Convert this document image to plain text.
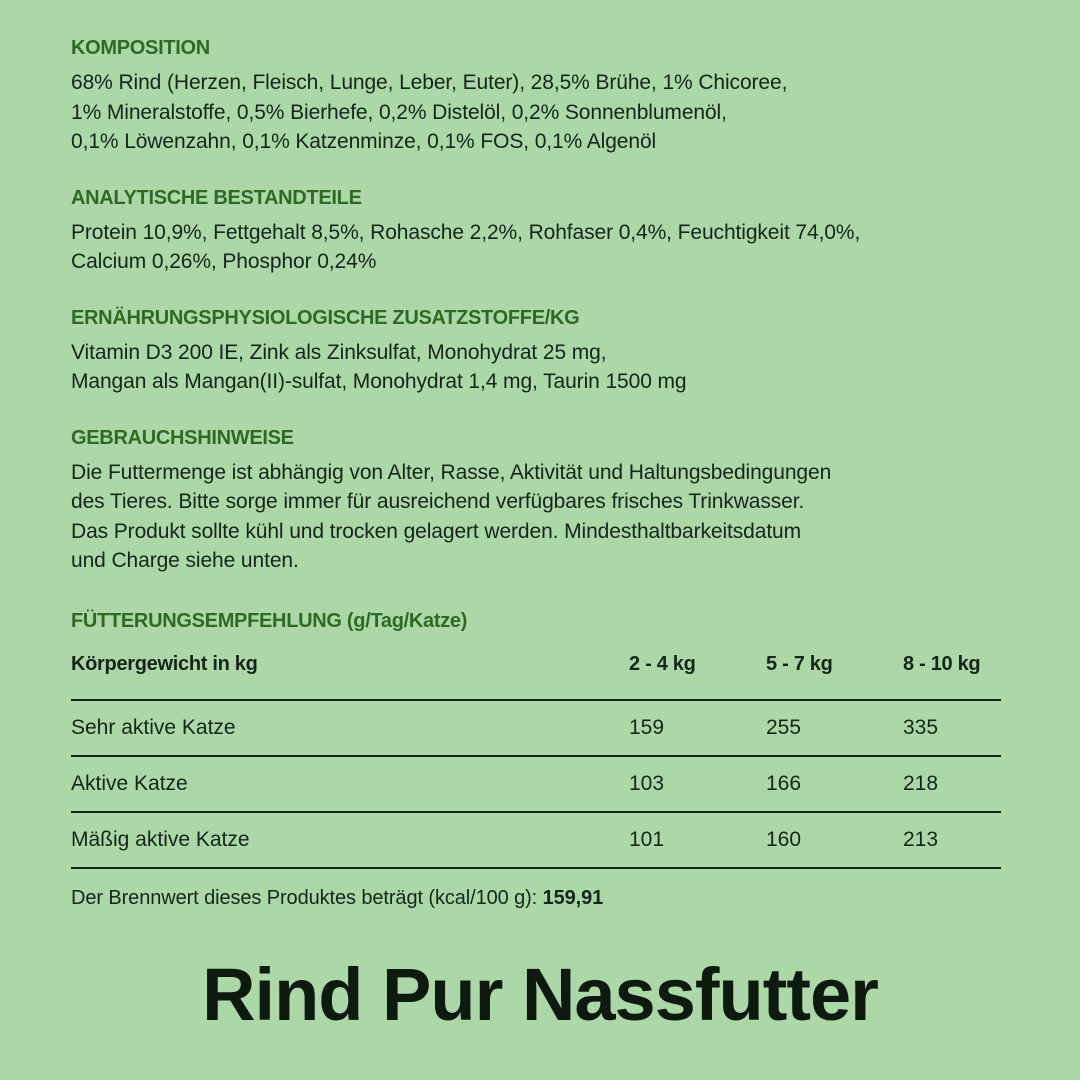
KOMPOSITION

68% Rind (Herzen, Fleisch, Lunge, Leber, Euter), 28,5% Brühe, 1% Chicoree,
1% Mineralstoffe, 0,5% Bierhefe, 0,2% Distelöl, 0,2% Sonnenblumenöl,
0,1% Löwenzahn, 0,1% Katzenminze, 0,1% FOS, 0,1% Algenöl

ANALYTISCHE BESTANDTEILE

Protein 10,9%, Fettgehalt 8,5%, Rohasche 2,2%, Rohfaser 0,4%, Feuchtigkeit 74,0%,
Calcium 0,26%, Phosphor 0,24%

ERNÄHRUNGSPHYSIOLOGISCHE ZUSATZSTOFFE/KG

Vitamin D3 200 IE, Zink als Zinksulfat, Monohydrat 25 mg,
Mangan als Mangan(II)-sulfat, Monohydrat 1,4 mg, Taurin 1500 mg

GEBRAUCHSHINWEISE

Die Futtermenge ist abhängig von Alter, Rasse, Aktivität und Haltungsbedingungen
des Tieres. Bitte sorge immer für ausreichend verfügbares frisches Trinkwasser.
Das Produkt sollte kühl und trocken gelagert werden. Mindesthaltbarkeitsdatum
und Charge siehe unten.

FÜTTERUNGSEMPFEHLUNG (g/Tag/Katze)
Körpergewicht in kg	2 - 4 kg	5 - 7 kg	8 - 10 kg
Sehr aktive Katze	159	255	335
Aktive Katze	103	166	218
Mäßig aktive Katze	101	160	213
Der Brennwert dieses Produktes beträgt (kcal/100 g): 159,91
Rind Pur Nassfutter
